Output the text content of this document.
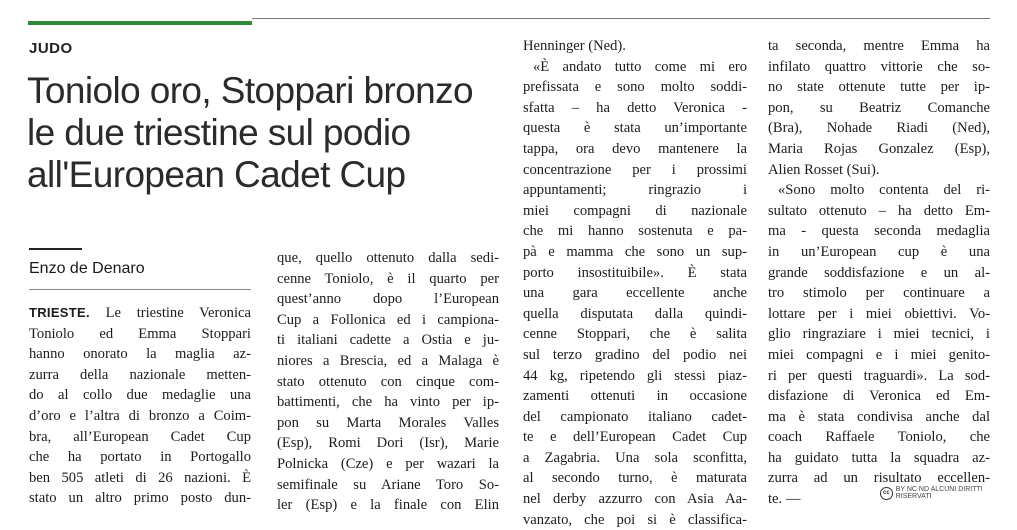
JUDO
Toniolo oro, Stoppari bronzo
le due triestine sul podio
all'European Cadet Cup
Enzo de Denaro
TRIESTE. Le triestine Veronica
Toniolo ed Emma Stoppari
hanno onorato la maglia az-
zurra della nazionale metten-
do al collo due medaglie una
d’oro e l’altra di bronzo a Coim-
bra, all’European Cadet Cup
che ha portato in Portogallo
ben 505 atleti di 26 nazioni. È
stato un altro primo posto dun-
que, quello ottenuto dalla sedi-
cenne Toniolo, è il quarto per
quest’anno dopo l’European
Cup a Follonica ed i campiona-
ti italiani cadette a Ostia e ju-
niores a Brescia, ed a Malaga è
stato ottenuto con cinque com-
battimenti, che ha vinto per ip-
pon su Marta Morales Valles
(Esp), Romi Dori (Isr), Marie
Polnicka (Cze) e per wazari la
semifinale su Ariane Toro So-
ler (Esp) e la finale con Elin
Henninger (Ned).
«È andato tutto come mi ero
prefissata e sono molto soddi-
sfatta – ha detto Veronica -
questa è stata un’importante
tappa, ora devo mantenere la
concentrazione per i prossimi
appuntamenti; ringrazio i
miei compagni di nazionale
che mi hanno sostenuta e pa-
pà e mamma che sono un sup-
porto insostituibile». È stata
una gara eccellente anche
quella disputata dalla quindi-
cenne Stoppari, che è salita
sul terzo gradino del podio nei
44 kg, ripetendo gli stessi piaz-
zamenti ottenuti in occasione
del campionato italiano cadet-
te e dell’European Cadet Cup
a Zagabria. Una sola sconfitta,
al secondo turno, è maturata
nel derby azzurro con Asia Aa-
vanzato, che poi si è classifica-
ta seconda, mentre Emma ha
infilato quattro vittorie che so-
no state ottenute tutte per ip-
pon, su Beatriz Comanche
(Bra), Nohade Riadi (Ned),
Maria Rojas Gonzalez (Esp),
Alien Rosset (Sui).
«Sono molto contenta del ri-
sultato ottenuto – ha detto Em-
ma - questa seconda medaglia
in un’European cup è una
grande soddisfazione e un al-
tro stimolo per continuare a
lottare per i miei obiettivi. Vo-
glio ringraziare i miei tecnici, i
miei compagni e i miei genito-
ri per questi traguardi». La sod-
disfazione di Veronica ed Em-
ma è stata condivisa anche dal
coach Raffaele Toniolo, che
ha guidato tutta la squadra az-
zurra ad un risultato eccellen-
te. —	cc BY NC ND ALCUNI DIRITTI RISERVATI
